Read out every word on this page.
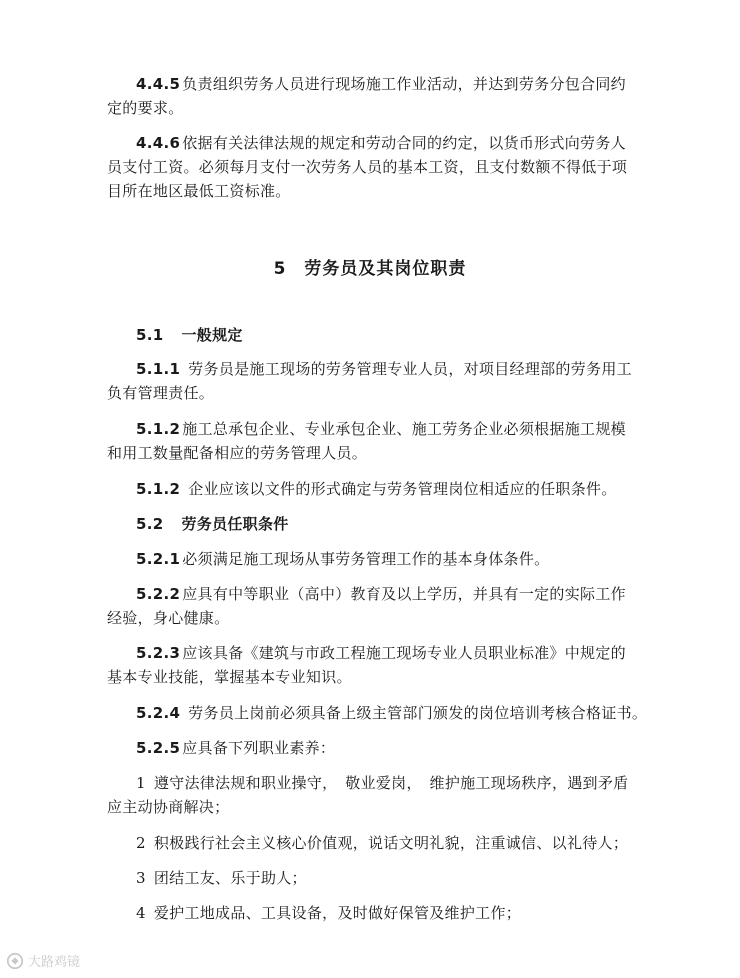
4.4.5 负责组织劳务人员进行现场施工作业活动，并达到劳务分包合同约
定的要求。
4.4.6 依据有关法律法规的规定和劳动合同的约定，以货币形式向劳务人
员支付工资。必须每月支付一次劳务人员的基本工资，且支付数额不得低于项
目所在地区最低工资标准。
5 劳务员及其岗位职责
5.1 一般规定
5.1.1 劳务员是施工现场的劳务管理专业人员，对项目经理部的劳务用工
负有管理责任。
5.1.2 施工总承包企业、专业承包企业、施工劳务企业必须根据施工规模
和用工数量配备相应的劳务管理人员。
5.1.2 企业应该以文件的形式确定与劳务管理岗位相适应的任职条件。
5.2 劳务员任职条件
5.2.1 必须满足施工现场从事劳务管理工作的基本身体条件。
5.2.2 应具有中等职业（高中）教育及以上学历，并具有一定的实际工作
经验，身心健康。
5.2.3 应该具备《建筑与市政工程施工现场专业人员职业标准》中规定的
基本专业技能，掌握基本专业知识。
5.2.4 劳务员上岗前必须具备上级主管部门颁发的岗位培训考核合格证书。
5.2.5 应具备下列职业素养：
1 遵守法律法规和职业操守，　敬业爱岗，　维护施工现场秩序，遇到矛盾
应主动协商解决；
2 积极践行社会主义核心价值观，说话文明礼貌，注重诚信、以礼待人；
3 团结工友、乐于助人；
4 爱护工地成品、工具设备，及时做好保管及维护工作；
大路鸡镜
